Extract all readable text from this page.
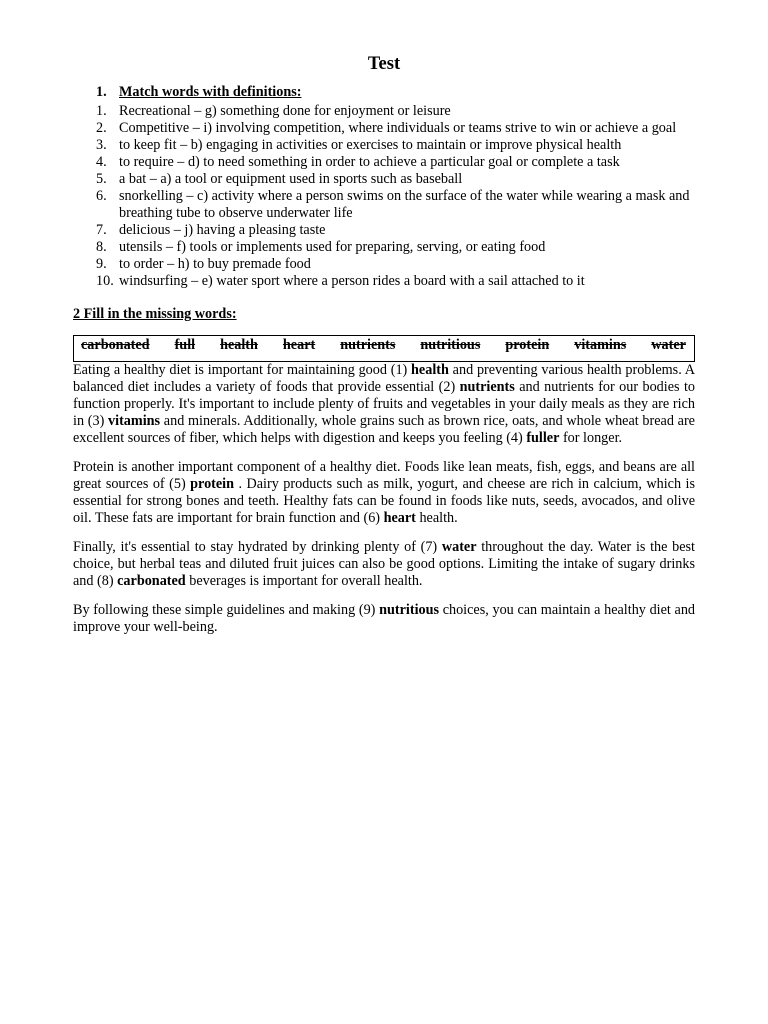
Test
1. Match words with definitions:
1. Recreational – g) something done for enjoyment or leisure
2. Competitive – i) involving competition, where individuals or teams strive to win or achieve a goal
3. to keep fit – b) engaging in activities or exercises to maintain or improve physical health
4. to require – d) to need something in order to achieve a particular goal or complete a task
5. a bat – a) a tool or equipment used in sports such as baseball
6. snorkelling – c) activity where a person swims on the surface of the water while wearing a mask and breathing tube to observe underwater life
7. delicious – j) having a pleasing taste
8. utensils – f) tools or implements used for preparing, serving, or eating food
9. to order – h) to buy premade food
10. windsurfing – e) water sport where a person rides a board with a sail attached to it
2 Fill in the missing words:
carbonated full health heart nutrients nutritious protein vitamins water

Eating a healthy diet is important for maintaining good (1) health and preventing various health problems. A balanced diet includes a variety of foods that provide essential (2) nutrients and nutrients for our bodies to function properly. It's important to include plenty of fruits and vegetables in your daily meals as they are rich in (3) vitamins and minerals. Additionally, whole grains such as brown rice, oats, and whole wheat bread are excellent sources of fiber, which helps with digestion and keeps you feeling (4) fuller for longer.

Protein is another important component of a healthy diet. Foods like lean meats, fish, eggs, and beans are all great sources of (5) protein . Dairy products such as milk, yogurt, and cheese are rich in calcium, which is essential for strong bones and teeth. Healthy fats can be found in foods like nuts, seeds, avocados, and olive oil. These fats are important for brain function and (6) heart health.

Finally, it's essential to stay hydrated by drinking plenty of (7) water throughout the day. Water is the best choice, but herbal teas and diluted fruit juices can also be good options. Limiting the intake of sugary drinks and (8) carbonated beverages is important for overall health.

By following these simple guidelines and making (9) nutritious choices, you can maintain a healthy diet and improve your well-being.
